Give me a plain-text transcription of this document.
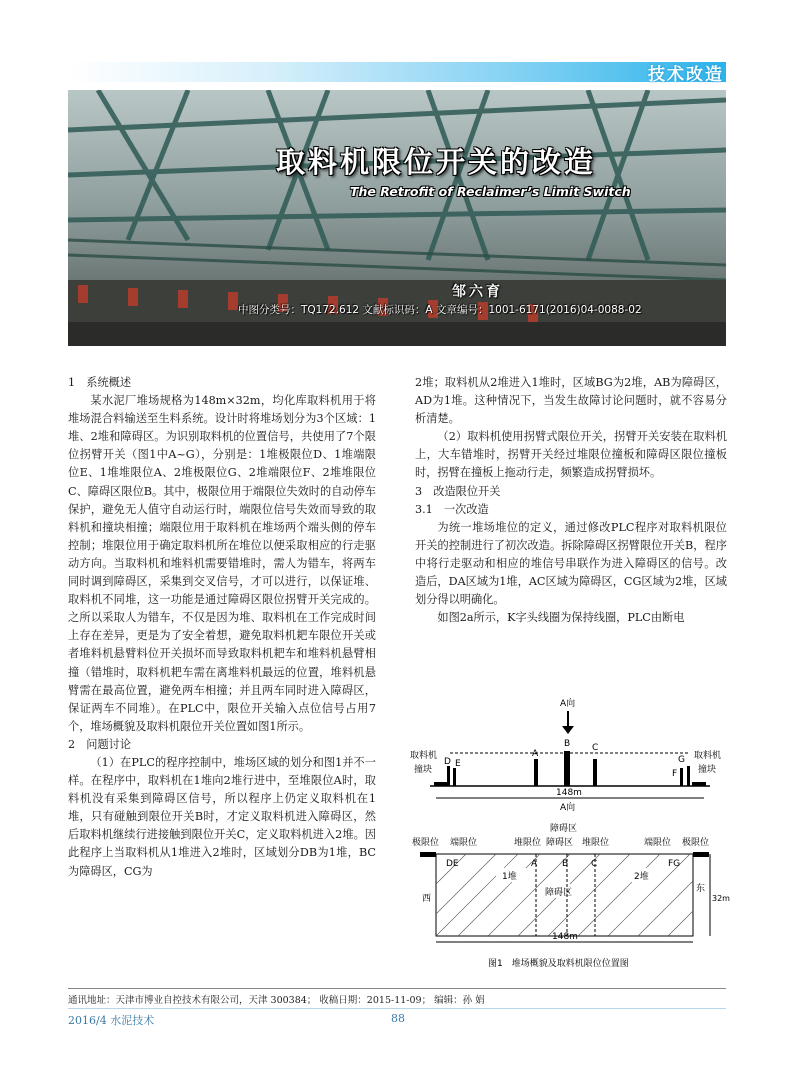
技术改造
取料机限位开关的改造
The Retrofit of Reclaimer’s Limit Switch
邹六育
中图分类号：TQ172.612 文献标识码：A 文章编号：1001-6171(2016)04-0088-02

1　系统概述

某水泥厂堆场规格为148m×32m，均化库取料机用于将堆场混合料输送至生料系统。设计时将堆场划分为3个区域：1堆、2堆和障碍区。为识别取料机的位置信号，共使用了7个限位拐臂开关（图1中A~G），分别是：1堆极限位D、1堆端限位E、1堆堆限位A、2堆极限位G、2堆端限位F、2堆堆限位C、障碍区限位B。其中，极限位用于端限位失效时的自动停车保护，避免无人值守自动运行时，端限位信号失效而导致的取料机和撞块相撞；端限位用于取料机在堆场两个端头侧的停车控制；堆限位用于确定取料机所在堆位以便采取相应的行走驱动方向。当取料机和堆料机需要错堆时，需人为错车，将两车同时调到障碍区，采集到交叉信号，才可以进行，以保证堆、取料机不同堆，这一功能是通过障碍区限位拐臂开关完成的。之所以采取人为错车，不仅是因为堆、取料机在工作完成时间上存在差异，更是为了安全着想，避免取料机耙车限位开关或者堆料机悬臂料位开关损坏而导致取料机耙车和堆料机悬臂相撞（错堆时，取料机耙车需在离堆料机最远的位置，堆料机悬臂需在最高位置，避免两车相撞；并且两车同时进入障碍区，保证两车不同堆）。在PLC中，限位开关输入点位信号占用7个，堆场概貌及取料机限位开关位置如图1所示。

2　问题讨论

（1）在PLC的程序控制中，堆场区域的划分和图1并不一样。在程序中，取料机在1堆向2堆行进中，至堆限位A时，取料机没有采集到障碍区信号，所以程序上仍定义取料机在1堆，只有碰触到限位开关B时，才定义取料机进入障碍区，然后取料机继续行进接触到限位开关C，定义取料机进入2堆。因此程序上当取料机从1堆进入2堆时，区域划分DB为1堆，BC为障碍区，CG为

2堆；取料机从2堆进入1堆时，区域BG为2堆，AB为障碍区，AD为1堆。这种情况下，当发生故障讨论问题时，就不容易分析清楚。

（2）取料机使用拐臂式限位开关，拐臂开关安装在取料机上，大车错堆时，拐臂开关经过堆限位撞板和障碍区限位撞板时，拐臂在撞板上拖动行走，频繁造成拐臂损坏。

3　改造限位开关

3.1　一次改造

为统一堆场堆位的定义，通过修改PLC程序对取料机限位开关的控制进行了初次改造。拆除障碍区拐臂限位开关B，程序中将行走驱动和相应的堆信号串联作为进入障碍区的信号。改造后，DA区域为1堆，AC区域为障碍区，CG区域为2堆，区域划分得以明确化。

如图2a所示，K字头线圈为保持线圈，PLC由断电

A向
取料机
撞块
取料机
撞块
D E
A
B C
G
F
148m
A向
障碍区
极限位 端限位	堆限位 障碍区 堆限位	端限位 极限位
DE	A	B	C	FG
1堆
障碍区
2堆
西
东
32m
148m
图1　堆场概貌及取料机限位位置图
通讯地址：天津市博业自控技术有限公司，天津 300384； 收稿日期：2015-11-09； 编辑：孙 娟
2016/4 水泥技术	88
